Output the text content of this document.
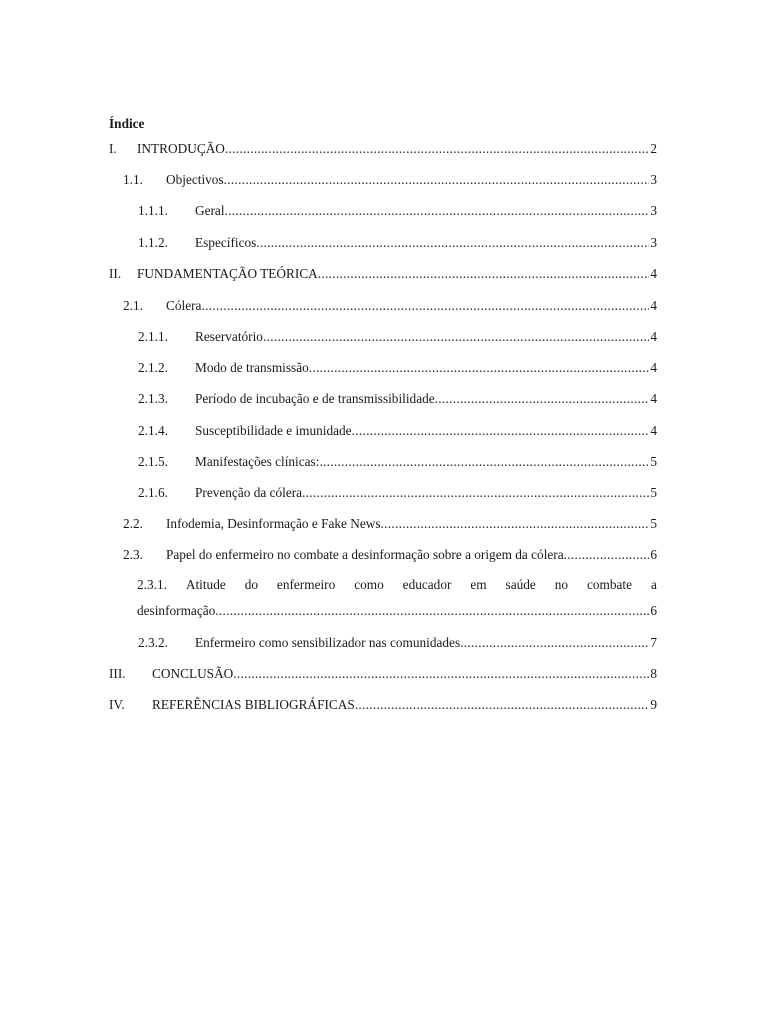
Índice
I.	INTRODUÇÃO .....	2
1.1.	Objectivos .....	3
1.1.1.	Geral .....	3
1.1.2.	Específicos .....	3
II.	FUNDAMENTAÇÃO TEÓRICA .....	4
2.1.	Cólera .....	4
2.1.1.	Reservatório .....	4
2.1.2.	Modo de transmissão .....	4
2.1.3.	Período de incubação e de transmissibilidade .....	4
2.1.4.	Susceptibilidade e imunidade .....	4
2.1.5.	Manifestações clínicas: .....	5
2.1.6.	Prevenção da cólera .....	5
2.2.	Infodemia, Desinformação e Fake News .....	5
2.3.	Papel do enfermeiro no combate a desinformação sobre a origem da cólera .....	6
2.3.1. Atitude do enfermeiro como educador em saúde no combate a
desinformação .....	6
2.3.2.	Enfermeiro como sensibilizador nas comunidades .....	7
III.	CONCLUSÃO .....	8
IV.	REFERÊNCIAS BIBLIOGRÁFICAS .....	9
